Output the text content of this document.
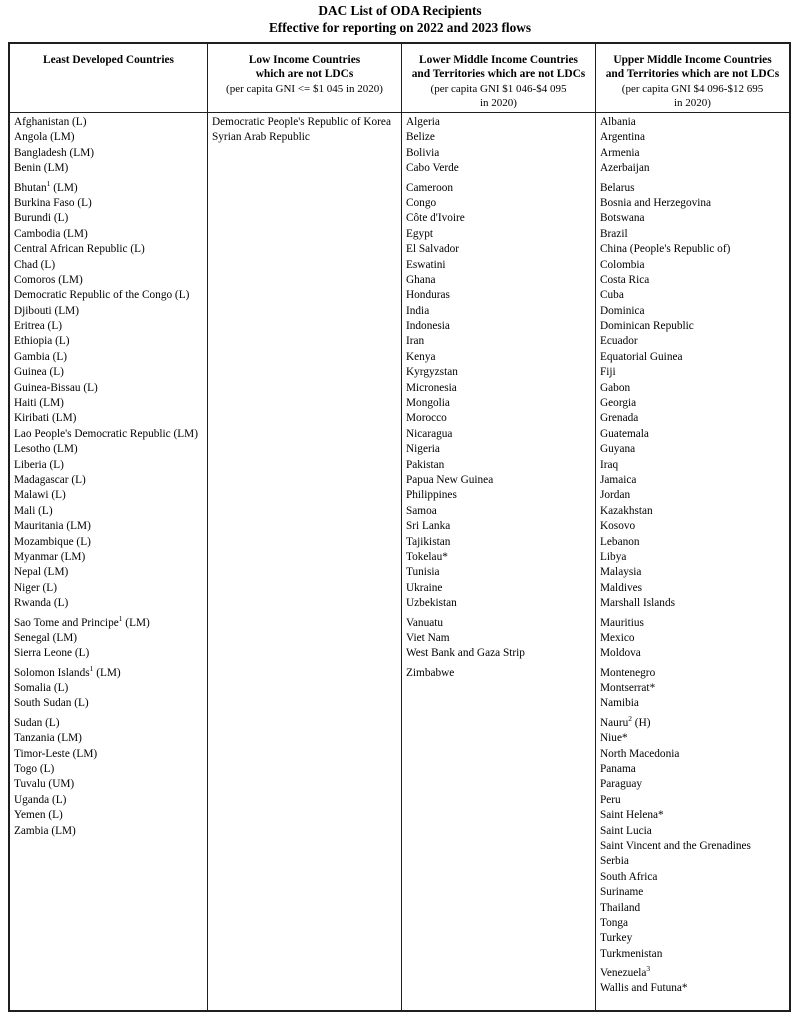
DAC List of ODA Recipients
Effective for reporting on 2022 and 2023 flows
Least Developed Countries	Low Income Countries
which are not LDCs
(per capita GNI <= $1 045 in 2020)
Lower Middle Income Countries
and Territories which are not LDCs
(per capita GNI $1 046-$4 095
in 2020)
Upper Middle Income Countries
and Territories which are not LDCs
(per capita GNI $4 096-$12 695
in 2020)
Afghanistan (L)
Angola (LM)
Bangladesh (LM)
Benin (LM)
Bhutan$^1$ (LM)
Burkina Faso (L)
Burundi (L)
Cambodia (LM)
Central African Republic (L)
Chad (L)
Comoros (LM)
Democratic Republic of the Congo (L)
Djibouti (LM)
Eritrea (L)
Ethiopia (L)
Gambia (L)
Guinea (L)
Guinea-Bissau (L)
Haiti (LM)
Kiribati (LM)
Lao People's Democratic Republic (LM)
Lesotho (LM)
Liberia (L)
Madagascar (L)
Malawi (L)
Mali (L)
Mauritania (LM)
Mozambique (L)
Myanmar (LM)
Nepal (LM)
Niger (L)
Rwanda (L)
Sao Tome and Principe$^1$ (LM)
Senegal (LM)
Sierra Leone (L)
Solomon Islands$^1$ (LM)
Somalia (L)
South Sudan (L)
Sudan (L)
Tanzania (LM)
Timor-Leste (LM)
Togo (L)
Tuvalu (UM)
Uganda (L)
Yemen (L)
Zambia (LM)
Democratic People's Republic of Korea
Syrian Arab Republic
Algeria
Belize
Bolivia
Cabo Verde
Cameroon
Congo
Côte d'Ivoire
Egypt
El Salvador
Eswatini
Ghana
Honduras
India
Indonesia
Iran
Kenya
Kyrgyzstan
Micronesia
Mongolia
Morocco
Nicaragua
Nigeria
Pakistan
Papua New Guinea
Philippines
Samoa
Sri Lanka
Tajikistan
Tokelau*
Tunisia
Ukraine
Uzbekistan
Vanuatu
Viet Nam
West Bank and Gaza Strip
Zimbabwe
Albania
Argentina
Armenia
Azerbaijan
Belarus
Bosnia and Herzegovina
Botswana
Brazil
China (People's Republic of)
Colombia
Costa Rica
Cuba
Dominica
Dominican Republic
Ecuador
Equatorial Guinea
Fiji
Gabon
Georgia
Grenada
Guatemala
Guyana
Iraq
Jamaica
Jordan
Kazakhstan
Kosovo
Lebanon
Libya
Malaysia
Maldives
Marshall Islands
Mauritius
Mexico
Moldova
Montenegro
Montserrat*
Namibia
Nauru$^2$ (H)
Niue*
North Macedonia
Panama
Paraguay
Peru
Saint Helena*
Saint Lucia
Saint Vincent and the Grenadines
Serbia
South Africa
Suriname
Thailand
Tonga
Turkey
Turkmenistan
Venezuela$^3$
Wallis and Futuna*
